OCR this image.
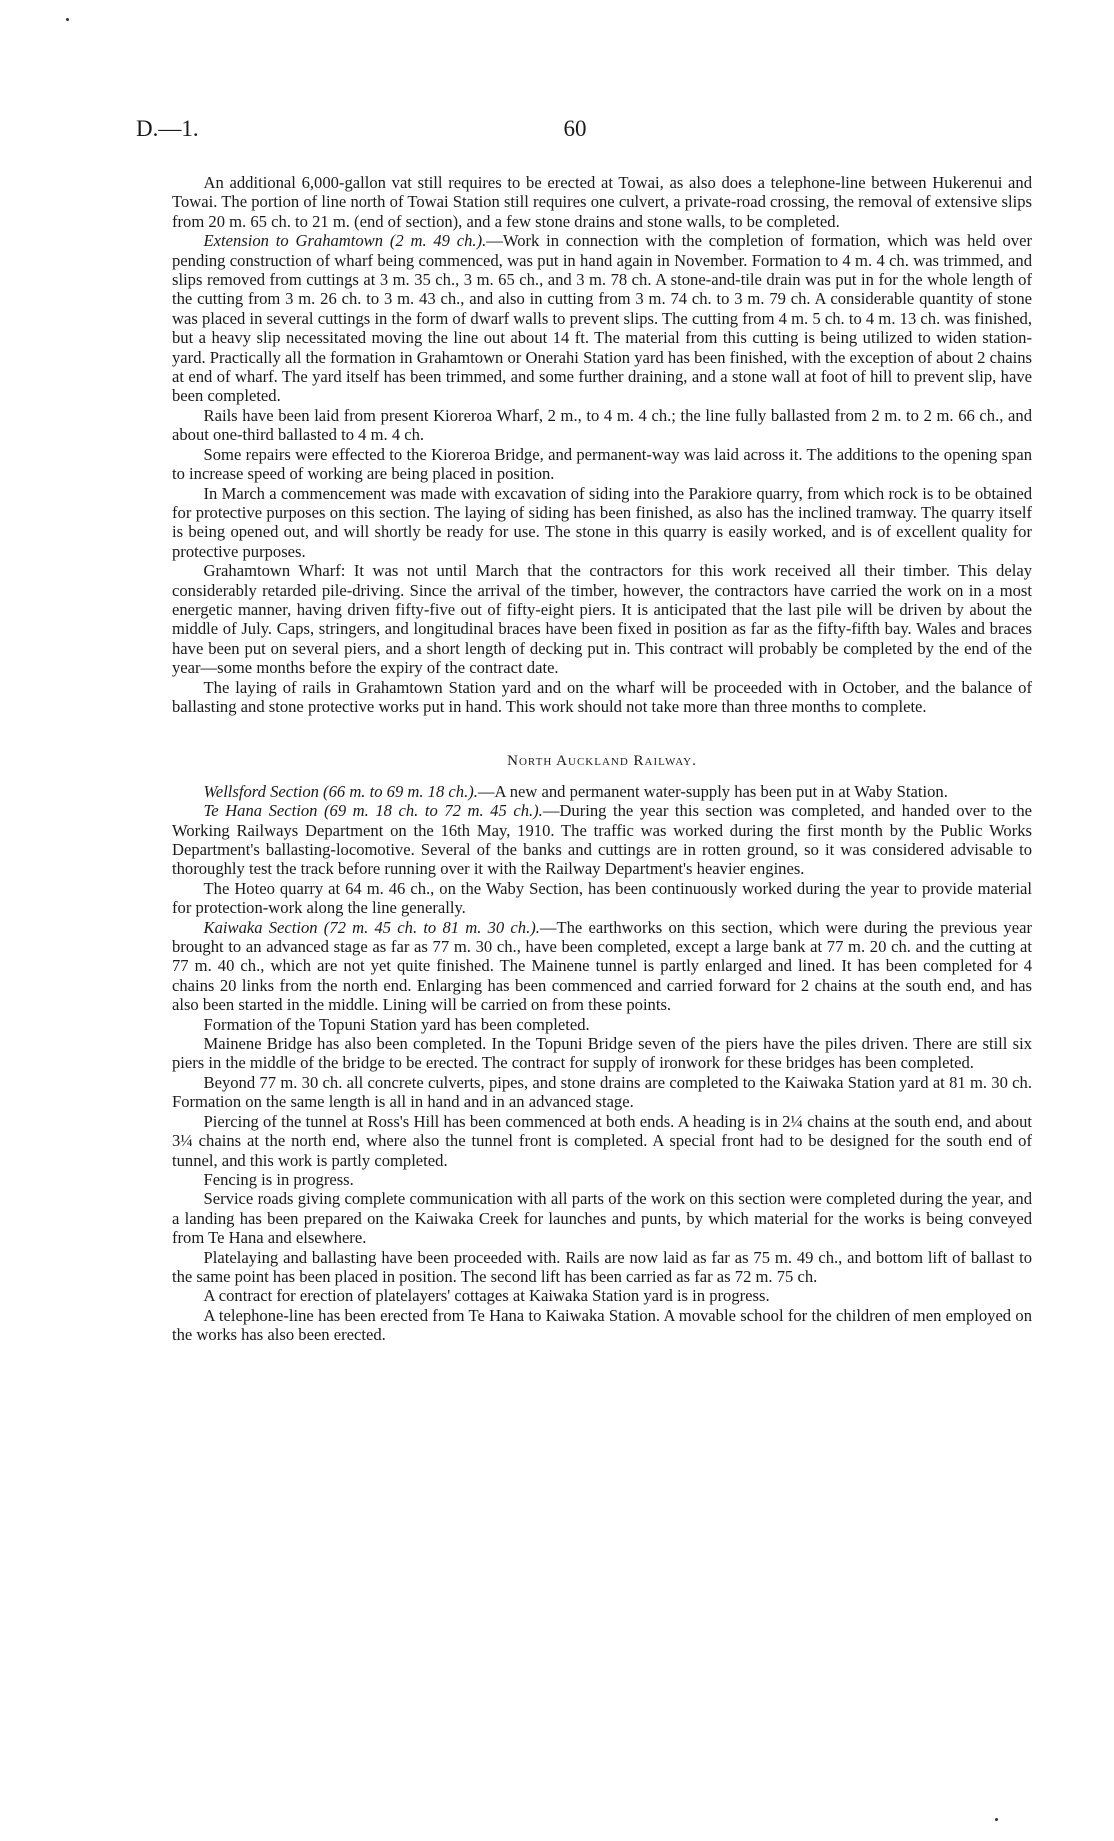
D.—1.	60

An additional 6,000-gallon vat still requires to be erected at Towai, as also does a telephone-line between Hukerenui and Towai. The portion of line north of Towai Station still requires one culvert, a private-road crossing, the removal of extensive slips from 20 m. 65 ch. to 21 m. (end of section), and a few stone drains and stone walls, to be completed.

Extension to Grahamtown (2 m. 49 ch.).—Work in connection with the completion of formation, which was held over pending construction of wharf being commenced, was put in hand again in November. Formation to 4 m. 4 ch. was trimmed, and slips removed from cuttings at 3 m. 35 ch., 3 m. 65 ch., and 3 m. 78 ch. A stone-and-tile drain was put in for the whole length of the cutting from 3 m. 26 ch. to 3 m. 43 ch., and also in cutting from 3 m. 74 ch. to 3 m. 79 ch. A considerable quantity of stone was placed in several cuttings in the form of dwarf walls to prevent slips. The cutting from 4 m. 5 ch. to 4 m. 13 ch. was finished, but a heavy slip necessitated moving the line out about 14 ft. The material from this cutting is being utilized to widen station-yard. Practically all the formation in Grahamtown or Onerahi Station yard has been finished, with the exception of about 2 chains at end of wharf. The yard itself has been trimmed, and some further draining, and a stone wall at foot of hill to prevent slip, have been completed.

Rails have been laid from present Kioreroa Wharf, 2 m., to 4 m. 4 ch.; the line fully ballasted from 2 m. to 2 m. 66 ch., and about one-third ballasted to 4 m. 4 ch.

Some repairs were effected to the Kioreroa Bridge, and permanent-way was laid across it. The additions to the opening span to increase speed of working are being placed in position.

In March a commencement was made with excavation of siding into the Parakiore quarry, from which rock is to be obtained for protective purposes on this section. The laying of siding has been finished, as also has the inclined tramway. The quarry itself is being opened out, and will shortly be ready for use. The stone in this quarry is easily worked, and is of excellent quality for protective purposes.

Grahamtown Wharf: It was not until March that the contractors for this work received all their timber. This delay considerably retarded pile-driving. Since the arrival of the timber, however, the contractors have carried the work on in a most energetic manner, having driven fifty-five out of fifty-eight piers. It is anticipated that the last pile will be driven by about the middle of July. Caps, stringers, and longitudinal braces have been fixed in position as far as the fifty-fifth bay. Wales and braces have been put on several piers, and a short length of decking put in. This contract will probably be completed by the end of the year—some months before the expiry of the contract date.

The laying of rails in Grahamtown Station yard and on the wharf will be proceeded with in October, and the balance of ballasting and stone protective works put in hand. This work should not take more than three months to complete.

North Auckland Railway.

Wellsford Section (66 m. to 69 m. 18 ch.).—A new and permanent water-supply has been put in at Waby Station.

Te Hana Section (69 m. 18 ch. to 72 m. 45 ch.).—During the year this section was completed, and handed over to the Working Railways Department on the 16th May, 1910. The traffic was worked during the first month by the Public Works Department's ballasting-locomotive. Several of the banks and cuttings are in rotten ground, so it was considered advisable to thoroughly test the track before running over it with the Railway Department's heavier engines.

The Hoteo quarry at 64 m. 46 ch., on the Waby Section, has been continuously worked during the year to provide material for protection-work along the line generally.

Kaiwaka Section (72 m. 45 ch. to 81 m. 30 ch.).—The earthworks on this section, which were during the previous year brought to an advanced stage as far as 77 m. 30 ch., have been completed, except a large bank at 77 m. 20 ch. and the cutting at 77 m. 40 ch., which are not yet quite finished. The Mainene tunnel is partly enlarged and lined. It has been completed for 4 chains 20 links from the north end. Enlarging has been commenced and carried forward for 2 chains at the south end, and has also been started in the middle. Lining will be carried on from these points.

Formation of the Topuni Station yard has been completed.

Mainene Bridge has also been completed. In the Topuni Bridge seven of the piers have the piles driven. There are still six piers in the middle of the bridge to be erected. The contract for supply of ironwork for these bridges has been completed.

Beyond 77 m. 30 ch. all concrete culverts, pipes, and stone drains are completed to the Kaiwaka Station yard at 81 m. 30 ch. Formation on the same length is all in hand and in an advanced stage.

Piercing of the tunnel at Ross's Hill has been commenced at both ends. A heading is in 2¼ chains at the south end, and about 3¼ chains at the north end, where also the tunnel front is completed. A special front had to be designed for the south end of tunnel, and this work is partly completed.

Fencing is in progress.

Service roads giving complete communication with all parts of the work on this section were completed during the year, and a landing has been prepared on the Kaiwaka Creek for launches and punts, by which material for the works is being conveyed from Te Hana and elsewhere.

Platelaying and ballasting have been proceeded with. Rails are now laid as far as 75 m. 49 ch., and bottom lift of ballast to the same point has been placed in position. The second lift has been carried as far as 72 m. 75 ch.

A contract for erection of platelayers' cottages at Kaiwaka Station yard is in progress.

A telephone-line has been erected from Te Hana to Kaiwaka Station. A movable school for the children of men employed on the works has also been erected.
